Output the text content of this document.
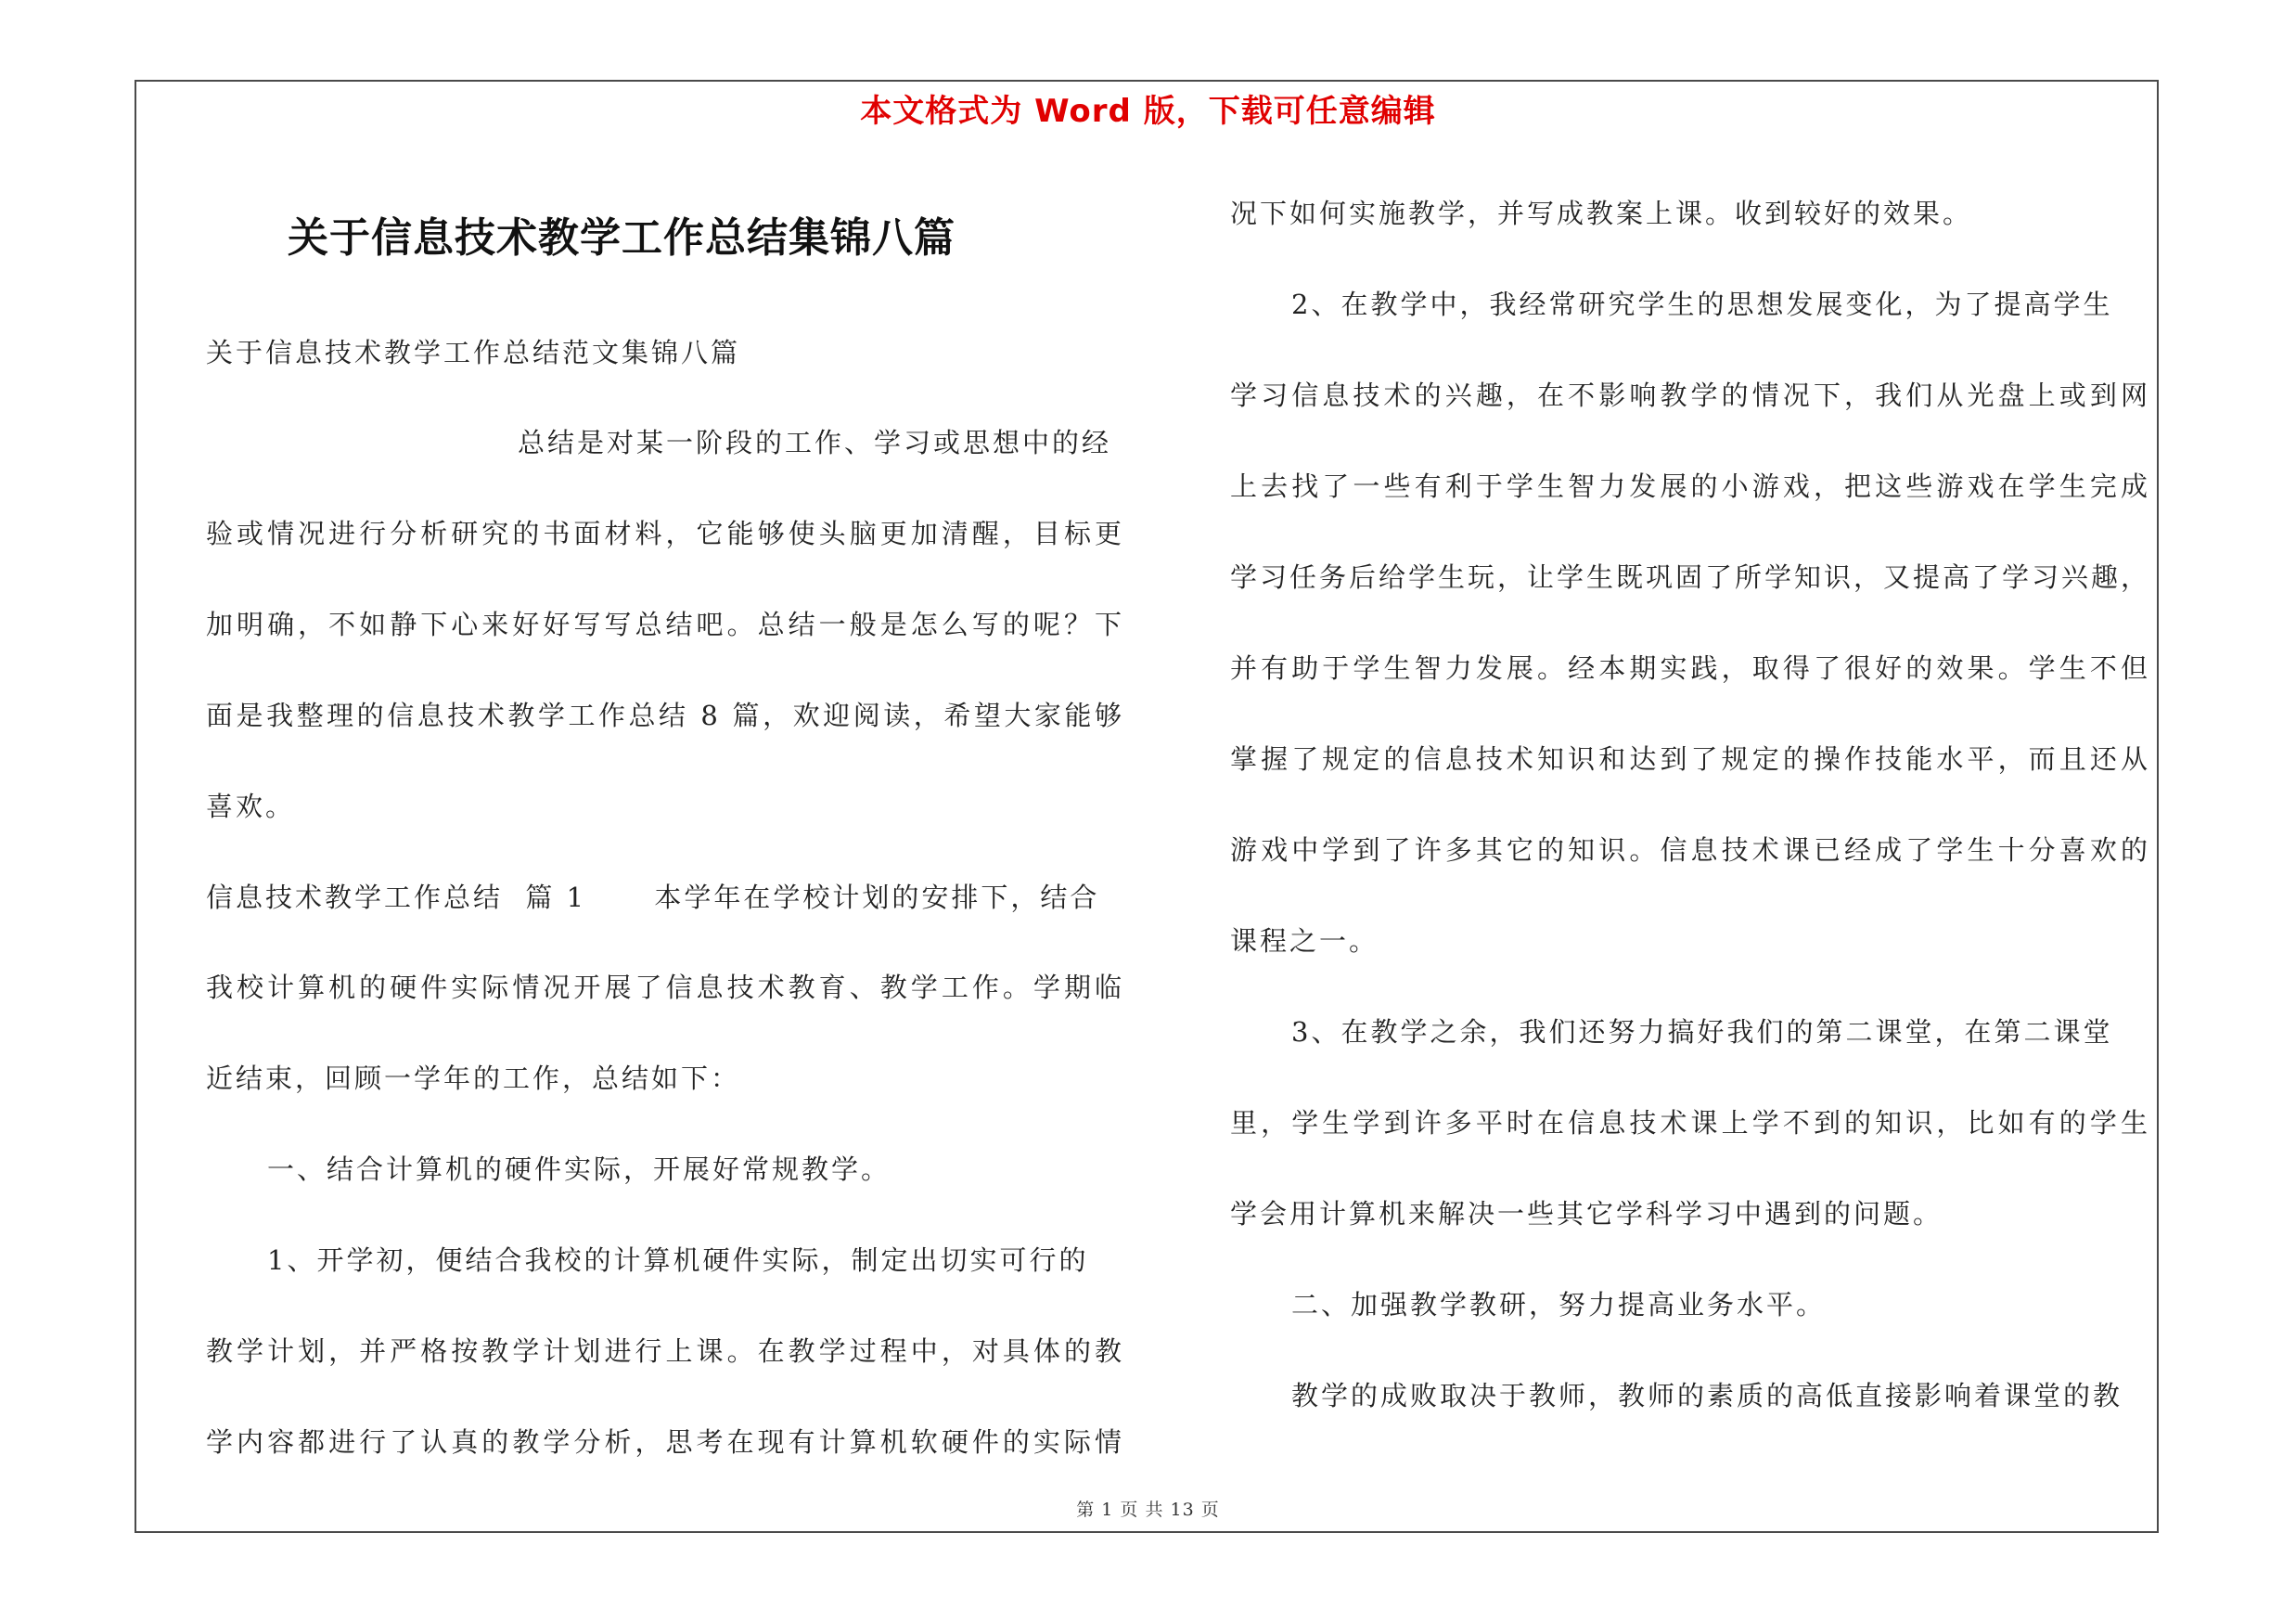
本文格式为 Word 版，下载可任意编辑
关于信息技术教学工作总结集锦八篇
关于信息技术教学工作总结范文集锦八篇
总结是对某一阶段的工作、学习或思想中的经
验或情况进行分析研究的书面材料，它能够使头脑更加清醒，目标更
加明确，不如静下心来好好写写总结吧。总结一般是怎么写的呢？下
面是我整理的信息技术教学工作总结 8 篇，欢迎阅读，希望大家能够
喜欢。
信息技术教学工作总结  篇 1      本学年在学校计划的安排下，结合
我校计算机的硬件实际情况开展了信息技术教育、教学工作。学期临
近结束，回顾一学年的工作，总结如下：
一、结合计算机的硬件实际，开展好常规教学。
1、开学初，便结合我校的计算机硬件实际，制定出切实可行的
教学计划，并严格按教学计划进行上课。在教学过程中，对具体的教
学内容都进行了认真的教学分析，思考在现有计算机软硬件的实际情
况下如何实施教学，并写成教案上课。收到较好的效果。
2、在教学中，我经常研究学生的思想发展变化，为了提高学生
学习信息技术的兴趣，在不影响教学的情况下，我们从光盘上或到网
上去找了一些有利于学生智力发展的小游戏，把这些游戏在学生完成
学习任务后给学生玩，让学生既巩固了所学知识，又提高了学习兴趣，
并有助于学生智力发展。经本期实践，取得了很好的效果。学生不但
掌握了规定的信息技术知识和达到了规定的操作技能水平，而且还从
游戏中学到了许多其它的知识。信息技术课已经成了学生十分喜欢的
课程之一。
3、在教学之余，我们还努力搞好我们的第二课堂，在第二课堂
里，学生学到许多平时在信息技术课上学不到的知识，比如有的学生
学会用计算机来解决一些其它学科学习中遇到的问题。
二、加强教学教研，努力提高业务水平。
教学的成败取决于教师，教师的素质的高低直接影响着课堂的教
第 1 页 共 13 页
